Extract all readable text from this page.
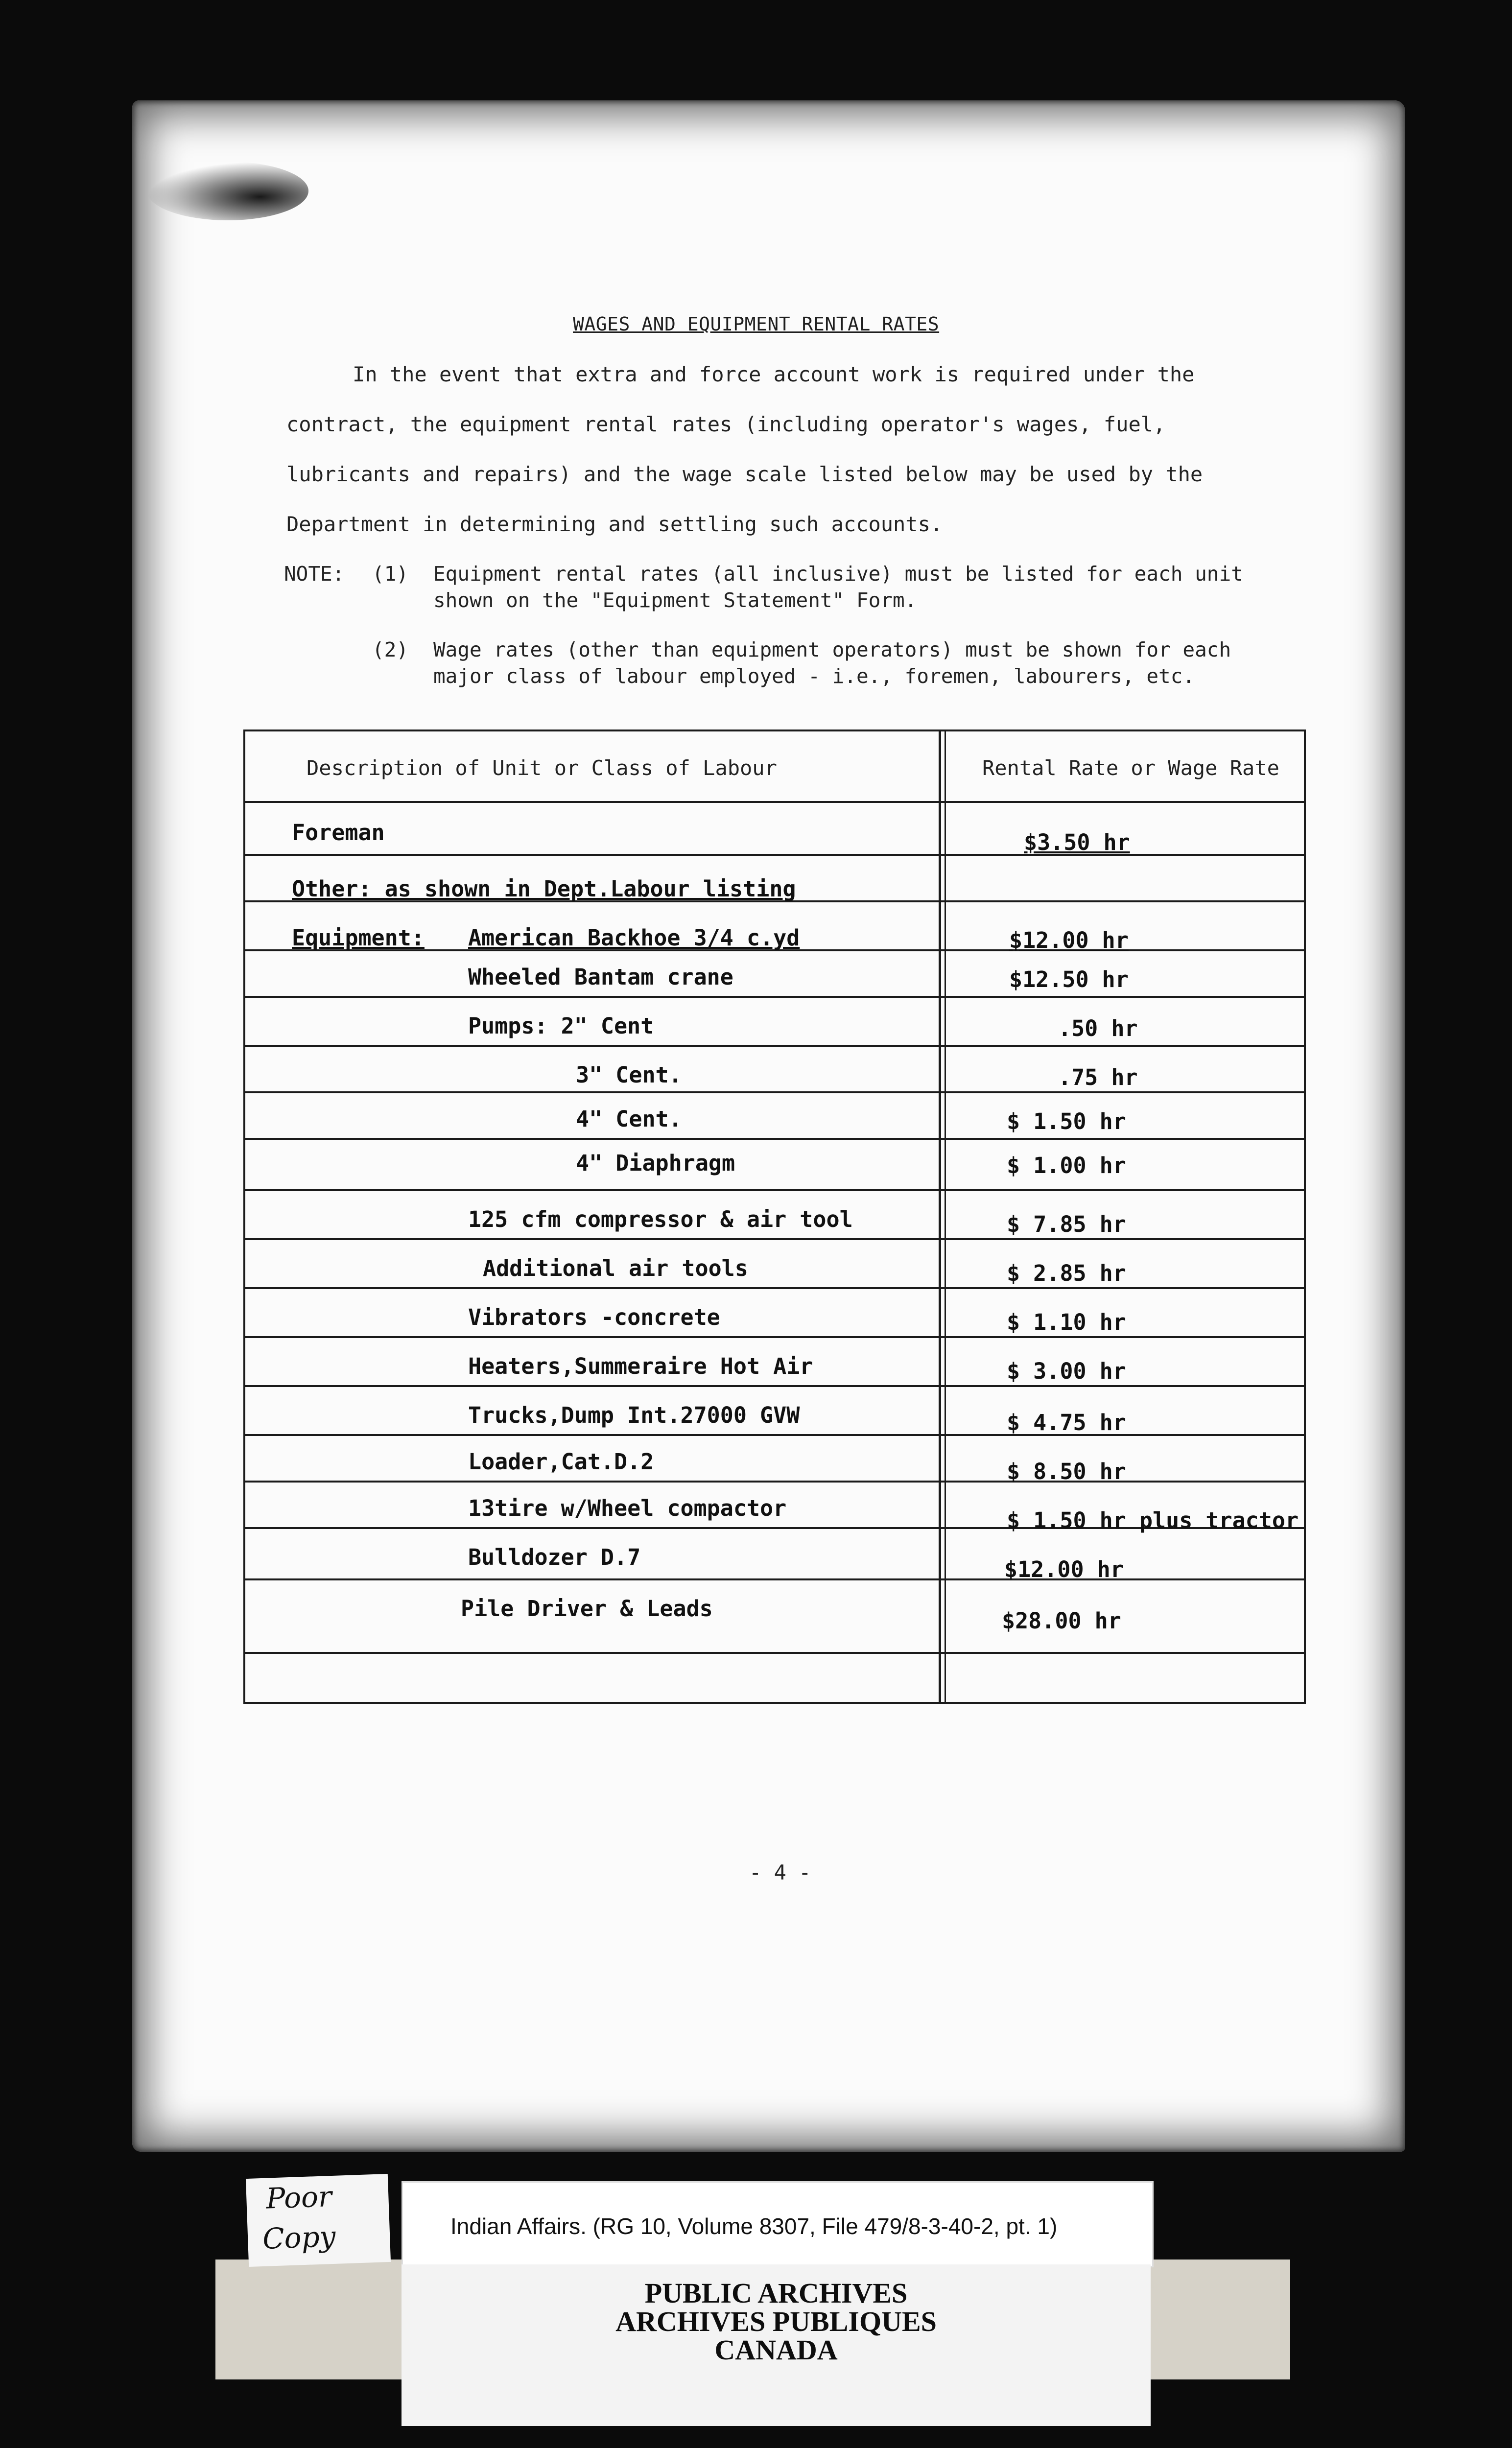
WAGES AND EQUIPMENT RENTAL RATES
In the event that extra and force account work is required under the
contract, the equipment rental rates (including operator's wages, fuel,
lubricants and repairs) and the wage scale listed below may be used by the
Department in determining and settling such accounts.
NOTE: (1) Equipment rental rates (all inclusive) must be listed for each unit
shown on the "Equipment Statement" Form.
(2) Wage rates (other than equipment operators) must be shown for each
major class of labour employed - i.e., foremen, labourers, etc.
Description of Unit or Class of Labour	Rental Rate or Wage Rate
Foreman	$3.50 hr
Other: as shown in Dept.Labour listing
Equipment: American Backhoe 3/4 c.yd	$12.00 hr
Wheeled Bantam crane	$12.50 hr
Pumps: 2" Cent	.50 hr
3" Cent.	.75 hr
4" Cent.	$ 1.50 hr
4" Diaphragm	$ 1.00 hr
125 cfm compressor & air tool	$ 7.85 hr
Additional air tools	$ 2.85 hr
Vibrators -concrete	$ 1.10 hr
Heaters,Summeraire Hot Air	$ 3.00 hr
Trucks,Dump Int.27000 GVW	$ 4.75 hr
Loader,Cat.D.2	$ 8.50 hr
13tire w/Wheel compactor	$ 1.50 hr plus tractor
Bulldozer D.7	$12.00 hr
Pile Driver & Leads	$28.00 hr
- 4 -
Poor
Copy	Indian Affairs. (RG 10, Volume 8307, File 479/8-3-40-2, pt. 1)
PUBLIC ARCHIVES
ARCHIVES PUBLIQUES
CANADA
